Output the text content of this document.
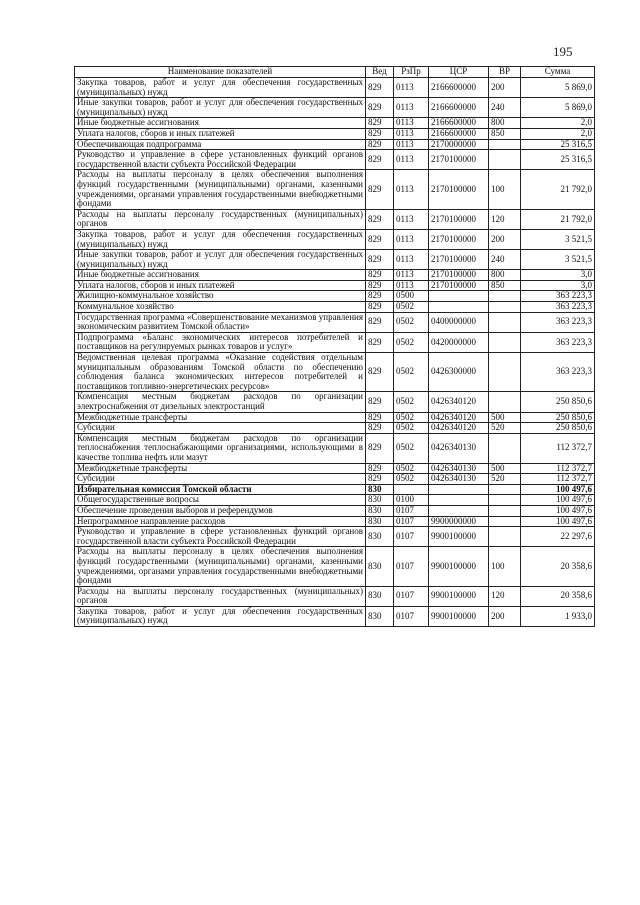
195
Наименование показателей	Вед	РзПр	ЦСР	ВР	Сумма
Закупка товаров, работ и услуг для обеспечения государственных (муниципальных) нужд	829	0113	2166600000	200	5 869,0
Иные закупки товаров, работ и услуг для обеспечения государственных (муниципальных) нужд	829	0113	2166600000	240	5 869,0
Иные бюджетные ассигнования	829	0113	2166600000	800	2,0
Уплата налогов, сборов и иных платежей	829	0113	2166600000	850	2,0
Обеспечивающая подпрограмма	829	0113	2170000000		25 316,5
Руководство и управление в сфере установленных функций органов государственной власти субъекта Российской Федерации	829	0113	2170100000		25 316,5
Расходы на выплаты персоналу в целях обеспечения выполнения функций государственными (муниципальными) органами, казенными учреждениями, органами управления государственными внебюджетными фондами	829	0113	2170100000	100	21 792,0
Расходы на выплаты персоналу государственных (муниципальных) органов	829	0113	2170100000	120	21 792,0
Закупка товаров, работ и услуг для обеспечения государственных (муниципальных) нужд	829	0113	2170100000	200	3 521,5
Иные закупки товаров, работ и услуг для обеспечения государственных (муниципальных) нужд	829	0113	2170100000	240	3 521,5
Иные бюджетные ассигнования	829	0113	2170100000	800	3,0
Уплата налогов, сборов и иных платежей	829	0113	2170100000	850	3,0
Жилищно-коммунальное хозяйство	829	0500			363 223,3
Коммунальное хозяйство	829	0502			363 223,3
Государственная программа «Совершенствование механизмов управления экономическим развитием Томской области»	829	0502	0400000000		363 223,3
Подпрограмма «Баланс экономических интересов потребителей и поставщиков на регулируемых рынках товаров и услуг»	829	0502	0420000000		363 223,3
Ведомственная целевая программа «Оказание содействия отдельным муниципальным образованиям Томской области по обеспечению соблюдения баланса экономических интересов потребителей и поставщиков топливно-энергетических ресурсов»	829	0502	0426300000		363 223,3
Компенсация местным бюджетам расходов по организации электроснабжения от дизельных электростанций	829	0502	0426340120		250 850,6
Межбюджетные трансферты	829	0502	0426340120	500	250 850,6
Субсидии	829	0502	0426340120	520	250 850,6
Компенсация местным бюджетам расходов по организации теплоснабжения теплоснабжающими организациями, использующими в качестве топлива нефть или мазут	829	0502	0426340130		112 372,7
Межбюджетные трансферты	829	0502	0426340130	500	112 372,7
Субсидии	829	0502	0426340130	520	112 372,7
Избирательная комиссия Томской области	830				100 497,6
Общегосударственные вопросы	830	0100			100 497,6
Обеспечение проведения выборов и референдумов	830	0107			100 497,6
Непрограммное направление расходов	830	0107	9900000000		100 497,6
Руководство и управление в сфере установленных функций органов государственной власти субъекта Российской Федерации	830	0107	9900100000		22 297,6
Расходы на выплаты персоналу в целях обеспечения выполнения функций государственными (муниципальными) органами, казенными учреждениями, органами управления государственными внебюджетными фондами	830	0107	9900100000	100	20 358,6
Расходы на выплаты персоналу государственных (муниципальных) органов	830	0107	9900100000	120	20 358,6
Закупка товаров, работ и услуг для обеспечения государственных (муниципальных) нужд	830	0107	9900100000	200	1 933,0
